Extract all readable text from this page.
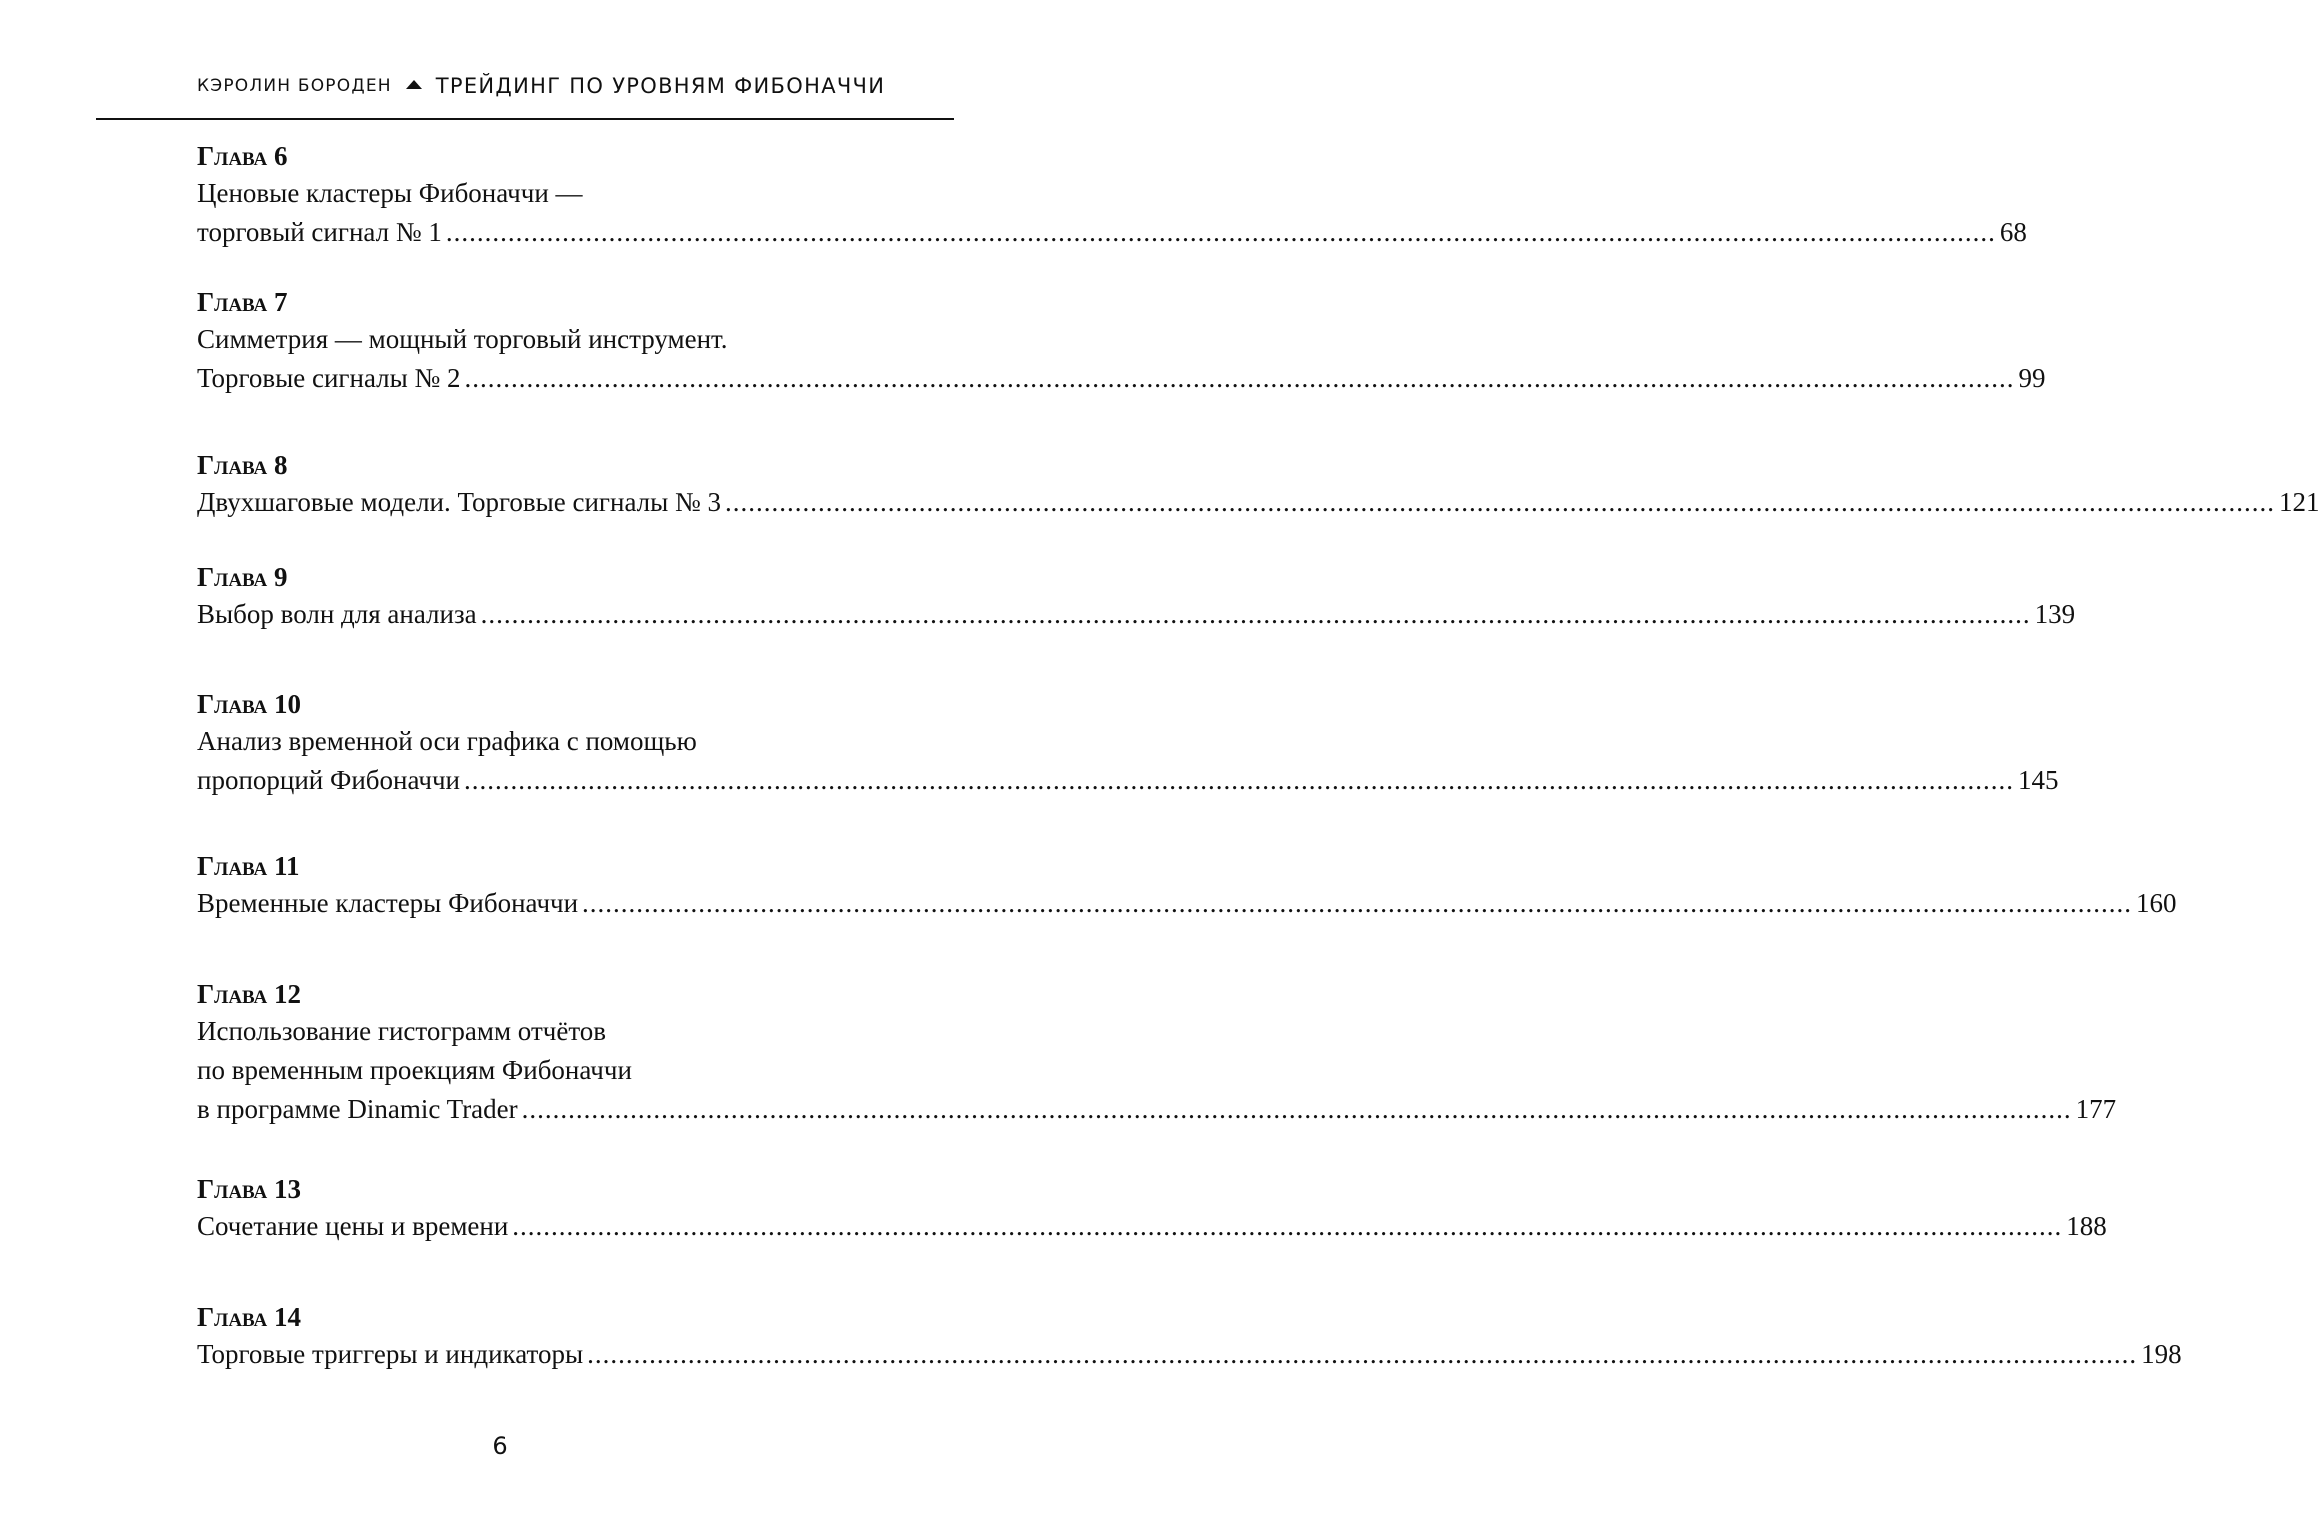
КЭРОЛИН БОРОДЕН ТРЕЙДИНГ ПО УРОВНЯМ ФИБОНАЧЧИ
Глава 6
Ценовые кластеры Фибоначчи —
торговый сигнал № 1 ........................................................................................................................................................................................................ 68
Глава 7
Симметрия — мощный торговый инструмент.
Торговые сигналы № 2 ........................................................................................................................................................................................................ 99
Глава 8
Двухшаговые модели. Торговые сигналы № 3 ........................................................................................................................................................................................................ 121
Глава 9
Выбор волн для анализа ........................................................................................................................................................................................................ 139
Глава 10
Анализ временной оси графика с помощью
пропорций Фибоначчи ........................................................................................................................................................................................................ 145
Глава 11
Временные кластеры Фибоначчи ........................................................................................................................................................................................................ 160
Глава 12
Использование гистограмм отчётов
по временным проекциям Фибоначчи
в программе Dinamic Trader ........................................................................................................................................................................................................ 177
Глава 13
Сочетание цены и времени ........................................................................................................................................................................................................ 188
Глава 14
Торговые триггеры и индикаторы ........................................................................................................................................................................................................ 198
6
